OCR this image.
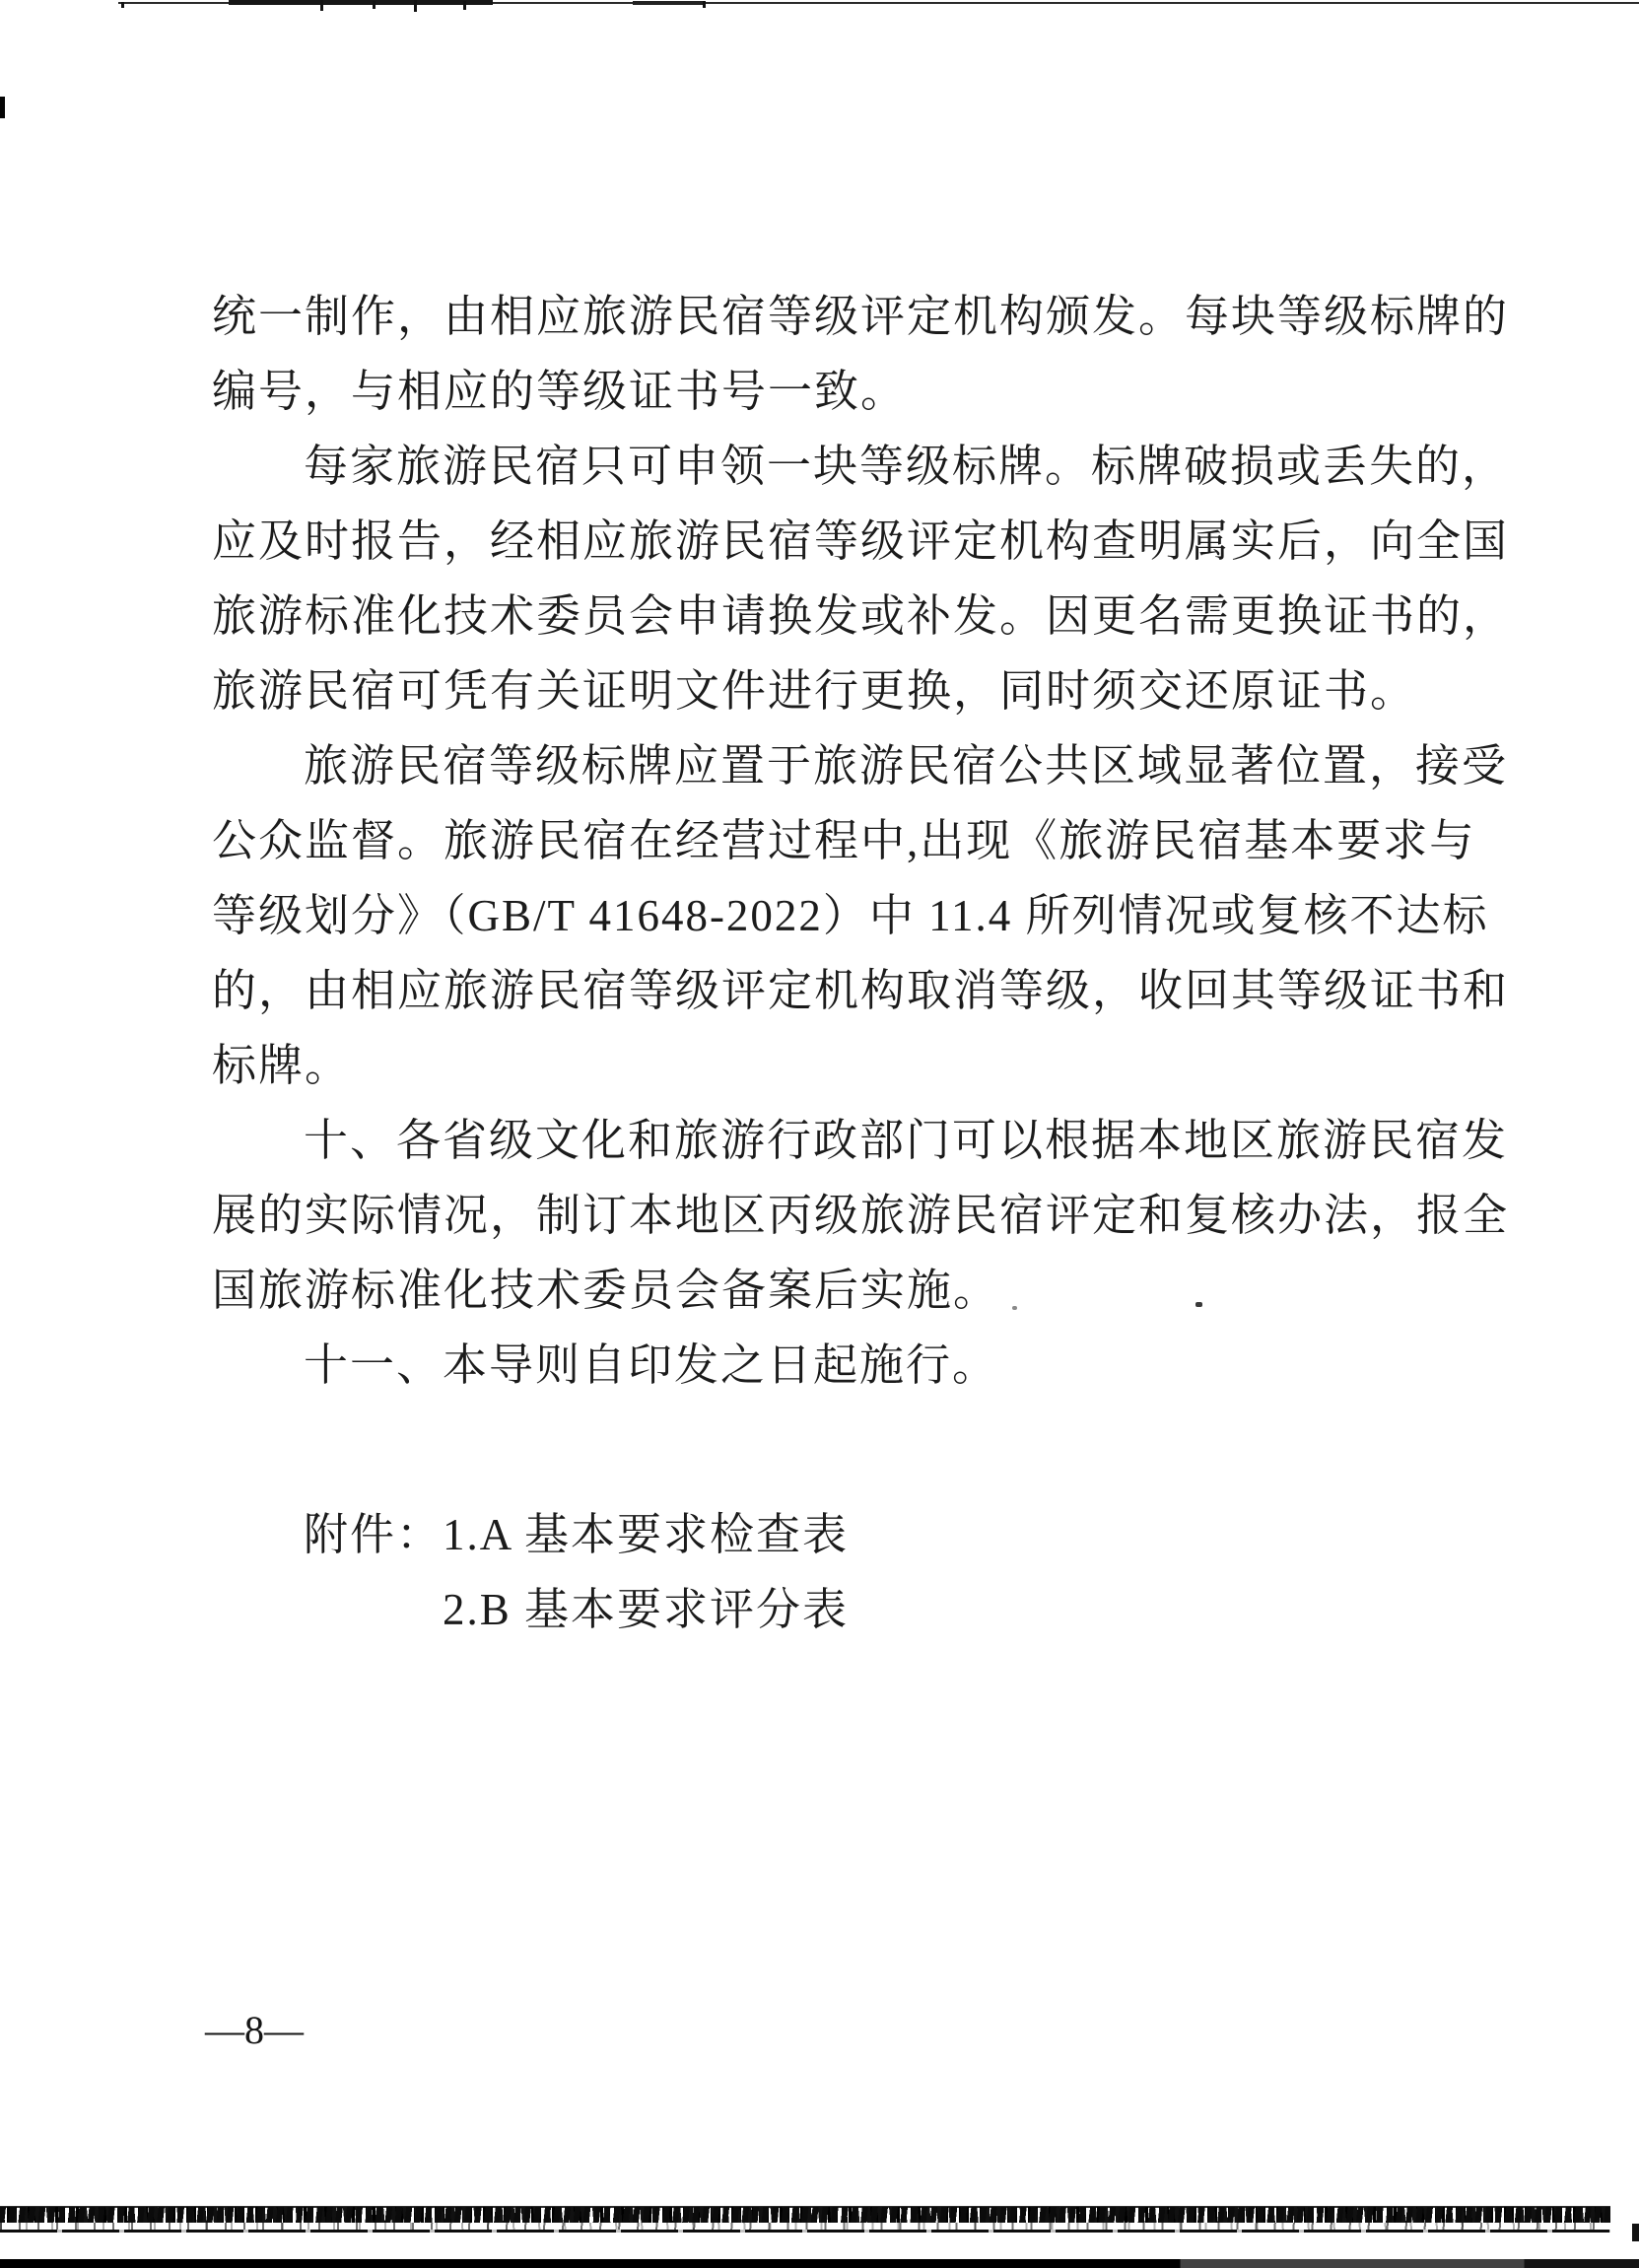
统一制作，由相应旅游民宿等级评定机构颁发。每块等级标牌的
编号，与相应的等级证书号一致。
每家旅游民宿只可申领一块等级标牌。标牌破损或丢失的，
应及时报告，经相应旅游民宿等级评定机构查明属实后，向全国
旅游标准化技术委员会申请换发或补发。因更名需更换证书的，
旅游民宿可凭有关证明文件进行更换，同时须交还原证书。
旅游民宿等级标牌应置于旅游民宿公共区域显著位置，接受
公众监督。旅游民宿在经营过程中,出现《旅游民宿基本要求与
等级划分》（GB/T 41648-2022）中 11.4 所列情况或复核不达标
的，由相应旅游民宿等级评定机构取消等级，收回其等级证书和
标牌。
十、各省级文化和旅游行政部门可以根据本地区旅游民宿发
展的实际情况，制订本地区丙级旅游民宿评定和复核办法，报全
国旅游标准化技术委员会备案后实施。
十一、本导则自印发之日起施行。
附件：1.A 基本要求检查表
2.B 基本要求评分表
—8—
